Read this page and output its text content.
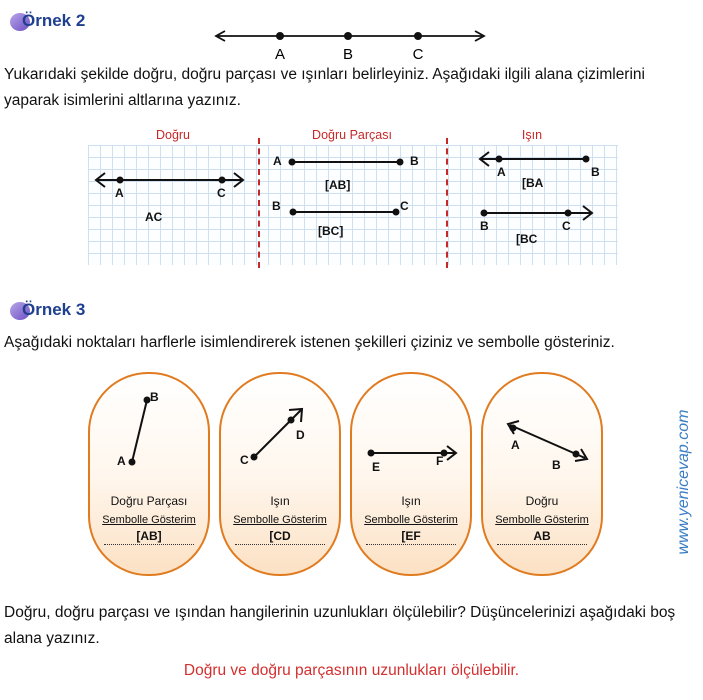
Örnek 2
A	B	C
Yukarıdaki şekilde doğru, doğru parçası ve ışınları belirleyiniz. Aşağıdaki ilgili alana çizimlerini yaparak isimlerini altlarına yazınız.
Doğru	Doğru Parçası	Işın
A	C
AC
A	B
[AB]
B	C
[BC]
A	B
[BA
B	C
[BC
Örnek 3
Aşağıdaki noktaları harflerle isimlendirerek istenen şekilleri çiziniz ve sembolle gösteriniz.
B
A
Doğru Parçası
Sembolle Gösterim
[AB]
C
D
Işın
Sembolle Gösterim
[CD
E	F
Işın
Sembolle Gösterim
[EF
A
B
Doğru
Sembolle Gösterim
AB	www.yenicevap.com
Doğru, doğru parçası ve ışından hangilerinin uzunlukları ölçülebilir? Düşüncelerinizi aşağıdaki boş alana yazınız.
Doğru ve doğru parçasının uzunlukları ölçülebilir.
